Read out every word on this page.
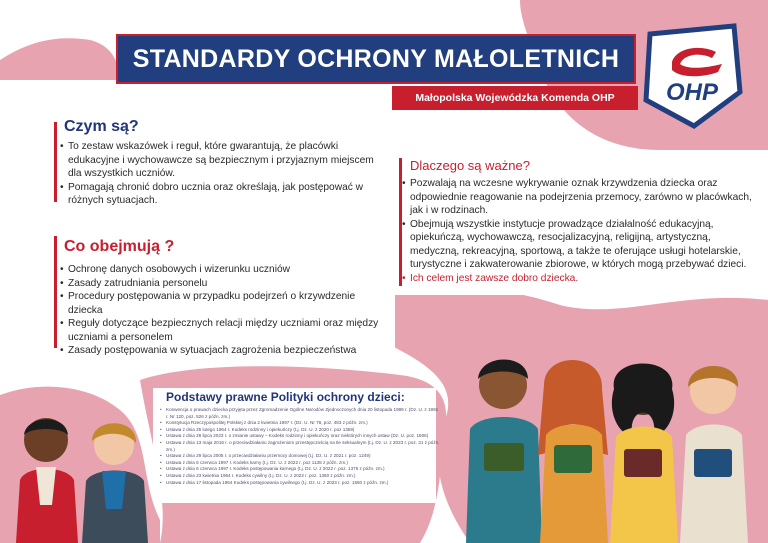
STANDARDY OCHRONY MAŁOLETNICH
Małopolska Wojewódzka Komenda OHP OHP
Czym są?
• To zestaw wskazówek i reguł, które gwarantują, że placówki edukacyjne i wychowawcze są bezpiecznym i przyjaznym miejscem dla wszystkich uczniów.
• Pomagają chronić dobro ucznia oraz określają, jak postępować w różnych sytuacjach.
Co obejmują ?
• Ochronę danych osobowych i wizerunku uczniów
• Zasady zatrudniania personelu
• Procedury postępowania w przypadku podejrzeń o krzywdzenie dziecka
• Reguły dotyczące bezpiecznych relacji między uczniami oraz między uczniami a personelem
• Zasady postępowania w sytuacjach zagrożenia bezpieczeństwa
Dlaczego są ważne?
• Pozwalają na wczesne wykrywanie oznak krzywdzenia dziecka oraz odpowiednie reagowanie na podejrzenia przemocy, zarówno w placówkach, jak i w rodzinach.
• Obejmują wszystkie instytucje prowadzące działalność edukacyjną, opiekuńczą, wychowawczą, resocjalizacyjną, religijną, artystyczną, medyczną, rekreacyjną, sportową, a także te oferujące usługi hotelarskie, turystyczne i zakwaterowanie zbiorowe, w których mogą przebywać dzieci.
• Ich celem jest zawsze dobro dziecka.
Podstawy prawne Polityki ochrony dzieci:
• Konwencja o prawach dziecka przyjęta przez Zgromadzenie Ogólne Narodów Zjednoczonych dnia 20 listopada 1989 r. (Dz. U. z 1991 r. Nr 120, poz. 526 z późn. zm.)
• Konstytucja Rzeczypospolitej Polskiej z dnia 2 kwietnia 1997 r. (Dz. U. Nr 78, poz. 483 z późn. zm.)
• Ustawa z dnia 25 lutego 1964 r. Kodeks rodzinny i opiekuńczy (t.j. Dz. U. z 2020 r. poz 1359)
• Ustawa z dnia 28 lipca 2023 r. o zmianie ustawy – Kodeks rodzinny i opiekuńczy oraz niektórych innych ustaw (Dz. U. poz. 1606)
• Ustawa z dnia 13 maja 2016 r. o przeciwdziałaniu zagrożeniom przestępczością na tle seksualnym (t.j. Dz. U. z 2023 r. poz. 31 z późn. zm.)
• Ustawa z dnia 29 lipca 2005 r. o przeciwdziałaniu przemocy domowej (t.j. Dz. U. z 2021 r. poz. 1249)
• Ustawa z dnia 6 czerwca 1997 r. Kodeks karny (t.j. Dz. U. z 2022 r. poz 1138 z późn. zm.)
• Ustawa z dnia 6 czerwca 1997 r. Kodeks postępowania karnego (t.j. Dz. U. z 2022 r. poz. 1375 z późn. zm.)
• Ustawa z dnia 23 kwietnia 1964 r. Kodeks cywilny (t.j. Dz. U. z 2022 r. poz. 1360 z późn. zm.)
• Ustawa z dnia 17 listopada 1964 Kodeks postępowania cywilnego (t.j. Dz. U. z 2023 r. poz. 1550 z późn. zm.)
